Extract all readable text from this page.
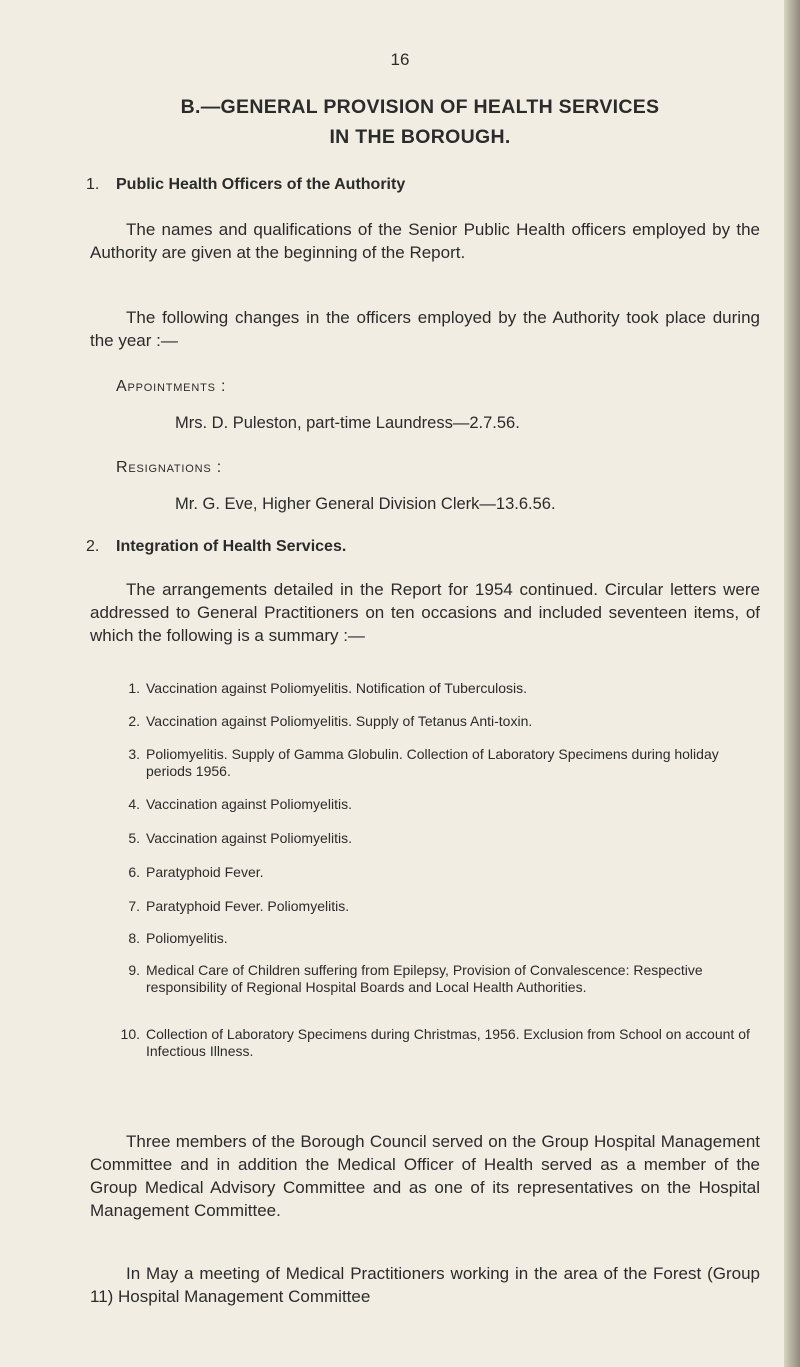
16
B.—GENERAL PROVISION OF HEALTH SERVICES
IN THE BOROUGH.
1. Public Health Officers of the Authority

The names and qualifications of the Senior Public Health officers employed by the Authority are given at the beginning of the Report.

The following changes in the officers employed by the Authority took place during the year :—

Appointments :
Mrs. D. Puleston, part-time Laundress—2.7.56.
Resignations :
Mr. G. Eve, Higher General Division Clerk—13.6.56.
2. Integration of Health Services.

The arrangements detailed in the Report for 1954 continued. Circular letters were addressed to General Practitioners on ten occasions and included seventeen items, of which the following is a summary :—

1. Vaccination against Poliomyelitis. Notification of Tuberculosis.
2. Vaccination against Poliomyelitis. Supply of Tetanus Anti-toxin.
3. Poliomyelitis. Supply of Gamma Globulin. Collection of Laboratory Specimens during holiday periods 1956.
4. Vaccination against Poliomyelitis.
5. Vaccination against Poliomyelitis.
6. Paratyphoid Fever.
7. Paratyphoid Fever. Poliomyelitis.
8. Poliomyelitis.
9. Medical Care of Children suffering from Epilepsy, Provision of Convalescence: Respective responsibility of Regional Hospital Boards and Local Health Authorities.
10. Collection of Laboratory Specimens during Christmas, 1956. Exclusion from School on account of Infectious Illness.

Three members of the Borough Council served on the Group Hospital Management Committee and in addition the Medical Officer of Health served as a member of the Group Medical Advisory Committee and as one of its representatives on the Hospital Management Committee.

In May a meeting of Medical Practitioners working in the area of the Forest (Group 11) Hospital Management Committee
